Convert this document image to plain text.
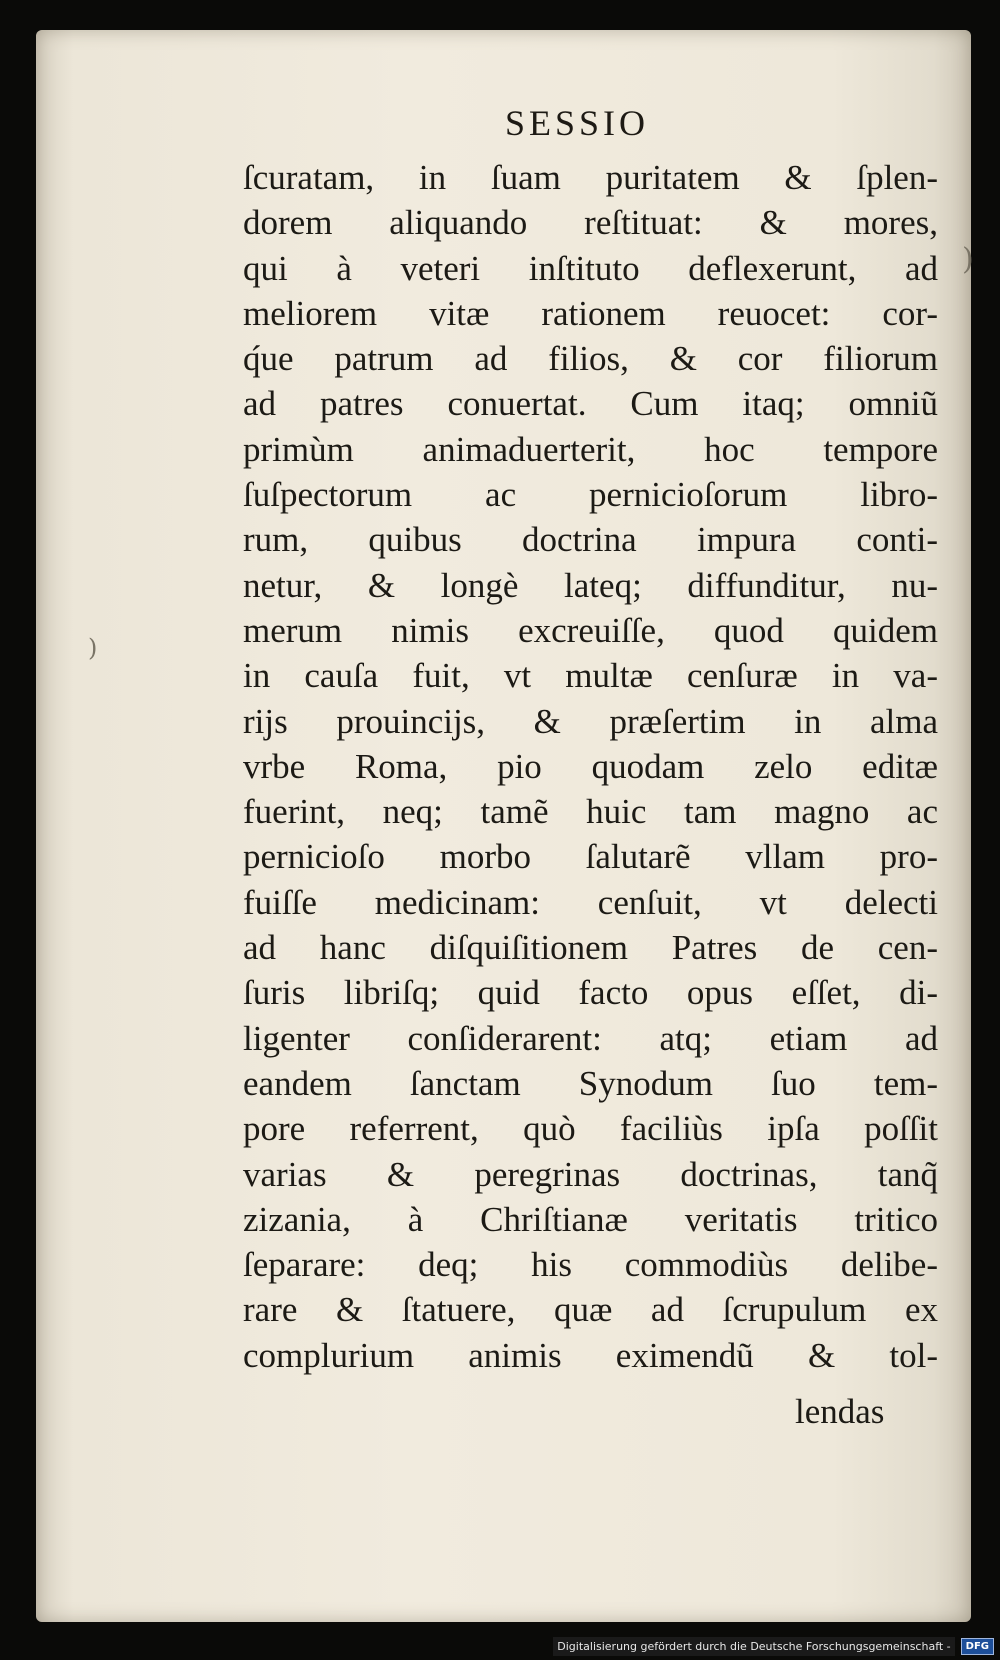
)
)
SESSIO
ſcuratam, in ſuam puritatem & ſplen-
dorem aliquando reſtituat: & mores,
qui à veteri inſtituto deflexerunt, ad
meliorem vitæ rationem reuocet: cor-
q́ue patrum ad filios, & cor filiorum
ad patres conuertat. Cum itaq; omniũ
primùm animaduerterit, hoc tempore
ſuſpectorum ac pernicioſorum libro-
rum, quibus doctrina impura conti-
netur, & longè lateq; diffunditur, nu-
merum nimis excreuiſſe, quod quidem
in cauſa fuit, vt multæ cenſuræ in va-
rijs prouincijs, & præſertim in alma
vrbe Roma, pio quodam zelo editæ
fuerint, neq; tamẽ huic tam magno ac
pernicioſo morbo ſalutarẽ vllam pro-
fuiſſe medicinam: cenſuit, vt delecti
ad hanc diſquiſitionem Patres de cen-
ſuris libriſq; quid facto opus eſſet, di-
ligenter conſiderarent: atq; etiam ad
eandem ſanctam Synodum ſuo tem-
pore referrent, quò faciliùs ipſa poſſit
varias & peregrinas doctrinas, tanq̃
zizania, à Chriſtianæ veritatis tritico
ſeparare: deq; his commodiùs delibe-
rare & ſtatuere, quæ ad ſcrupulum ex
complurium animis eximendũ & tol-
lendas
Digitalisierung gefördert durch die Deutsche Forschungsgemeinschaft -	DFG
